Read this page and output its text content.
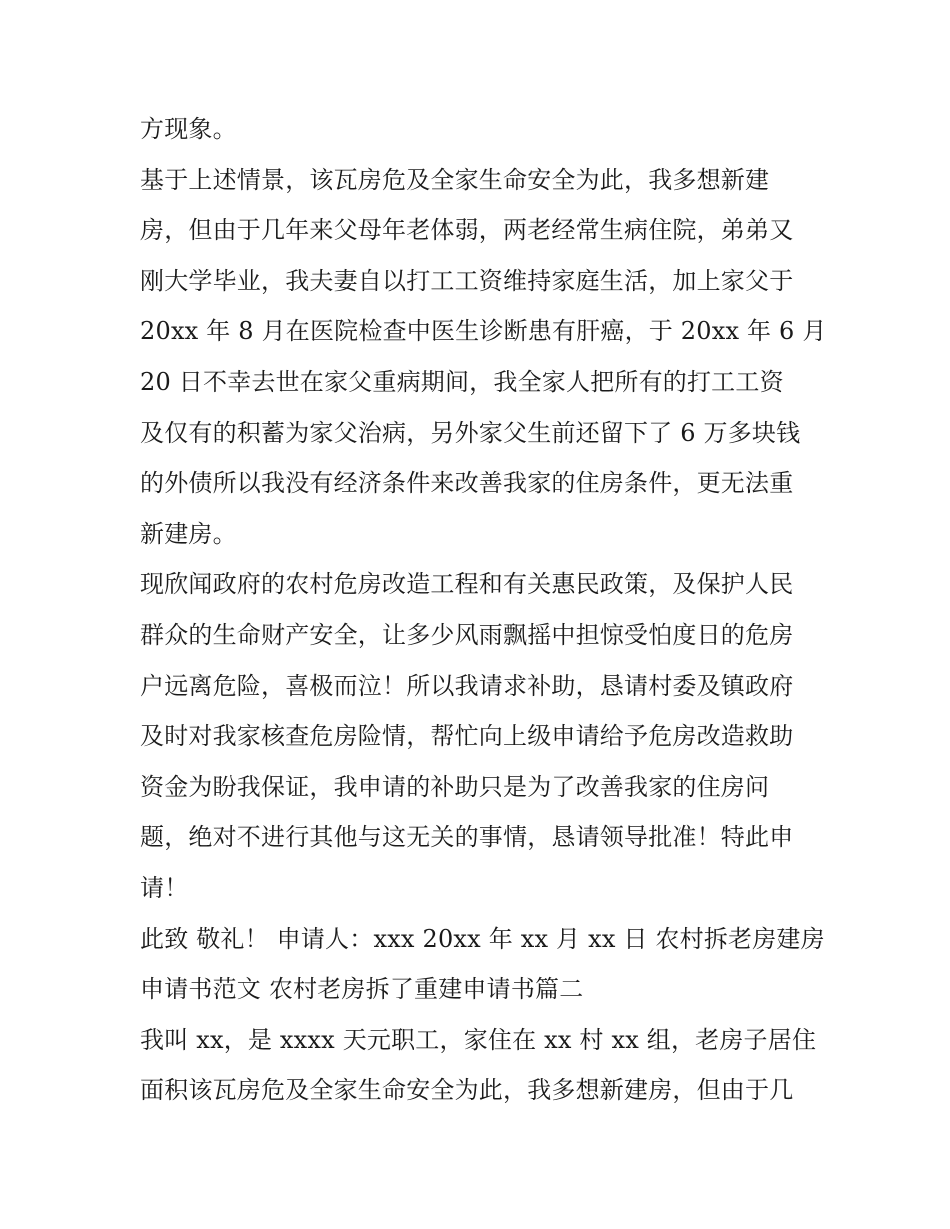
方现象。
基于上述情景，该瓦房危及全家生命安全为此，我多想新建
房，但由于几年来父母年老体弱，两老经常生病住院，弟弟又
刚大学毕业，我夫妻自以打工工资维持家庭生活，加上家父于
20xx 年 8 月在医院检查中医生诊断患有肝癌，于 20xx 年 6 月
20 日不幸去世在家父重病期间，我全家人把所有的打工工资
及仅有的积蓄为家父治病，另外家父生前还留下了 6 万多块钱
的外债所以我没有经济条件来改善我家的住房条件，更无法重
新建房。
现欣闻政府的农村危房改造工程和有关惠民政策，及保护人民
群众的生命财产安全，让多少风雨飘摇中担惊受怕度日的危房
户远离危险，喜极而泣！所以我请求补助，恳请村委及镇政府
及时对我家核查危房险情，帮忙向上级申请给予危房改造救助
资金为盼我保证，我申请的补助只是为了改善我家的住房问
题，绝对不进行其他与这无关的事情，恳请领导批准！特此申
请！
此致 敬礼！ 申请人：xxx 20xx 年 xx 月 xx 日 农村拆老房建房
申请书范文 农村老房拆了重建申请书篇二
我叫 xx，是 xxxx 天元职工，家住在 xx 村 xx 组，老房子居住
面积该瓦房危及全家生命安全为此，我多想新建房，但由于几
